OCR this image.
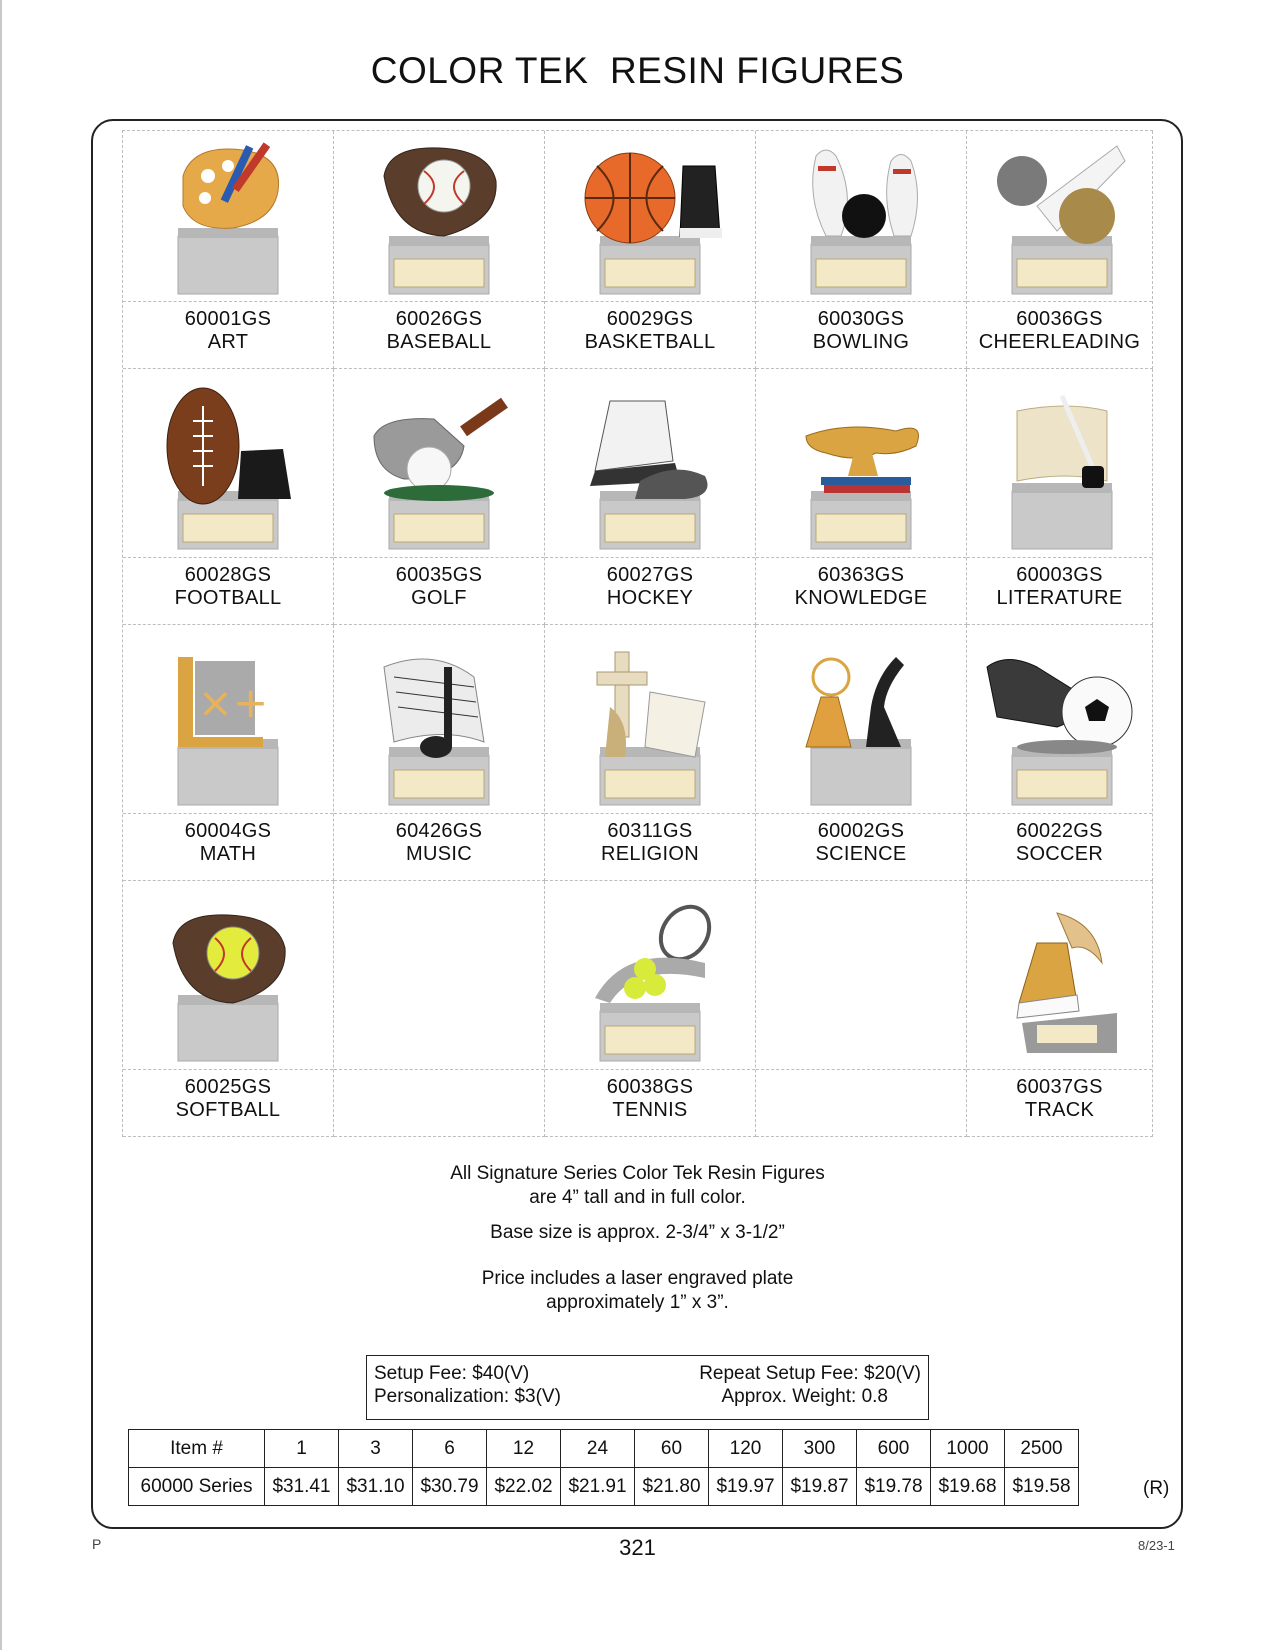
COLOR TEK  RESIN FIGURES
60001GS
ART
60026GS
BASEBALL
60029GS
BASKETBALL
60030GS
BOWLING
60036GS
CHEERLEADING
60028GS
FOOTBALL
60035GS
GOLF
60027GS
HOCKEY
60363GS
KNOWLEDGE
60003GS
LITERATURE
×+
60004GS
MATH
60426GS
MUSIC
60311GS
RELIGION
60002GS
SCIENCE
60022GS
SOCCER
60025GS
SOFTBALL
60038GS
TENNIS
60037GS
TRACK
All Signature Series Color Tek Resin Figures
are 4” tall and in full color.
Base size is approx. 2-3/4” x 3-1/2”
Price includes a laser engraved plate
approximately 1” x 3”.
Setup Fee: $40(V)
Personalization: $3(V)
Repeat Setup Fee: $20(V)
Approx. Weight: 0.8
Item #	1	3	6	12	24	60	120	300	600	1000	2500
60000 Series	$31.41	$31.10	$30.79	$22.02	$21.91	$21.80	$19.97	$19.87	$19.78	$19.68	$19.58	(R)
P	321	8/23-1
